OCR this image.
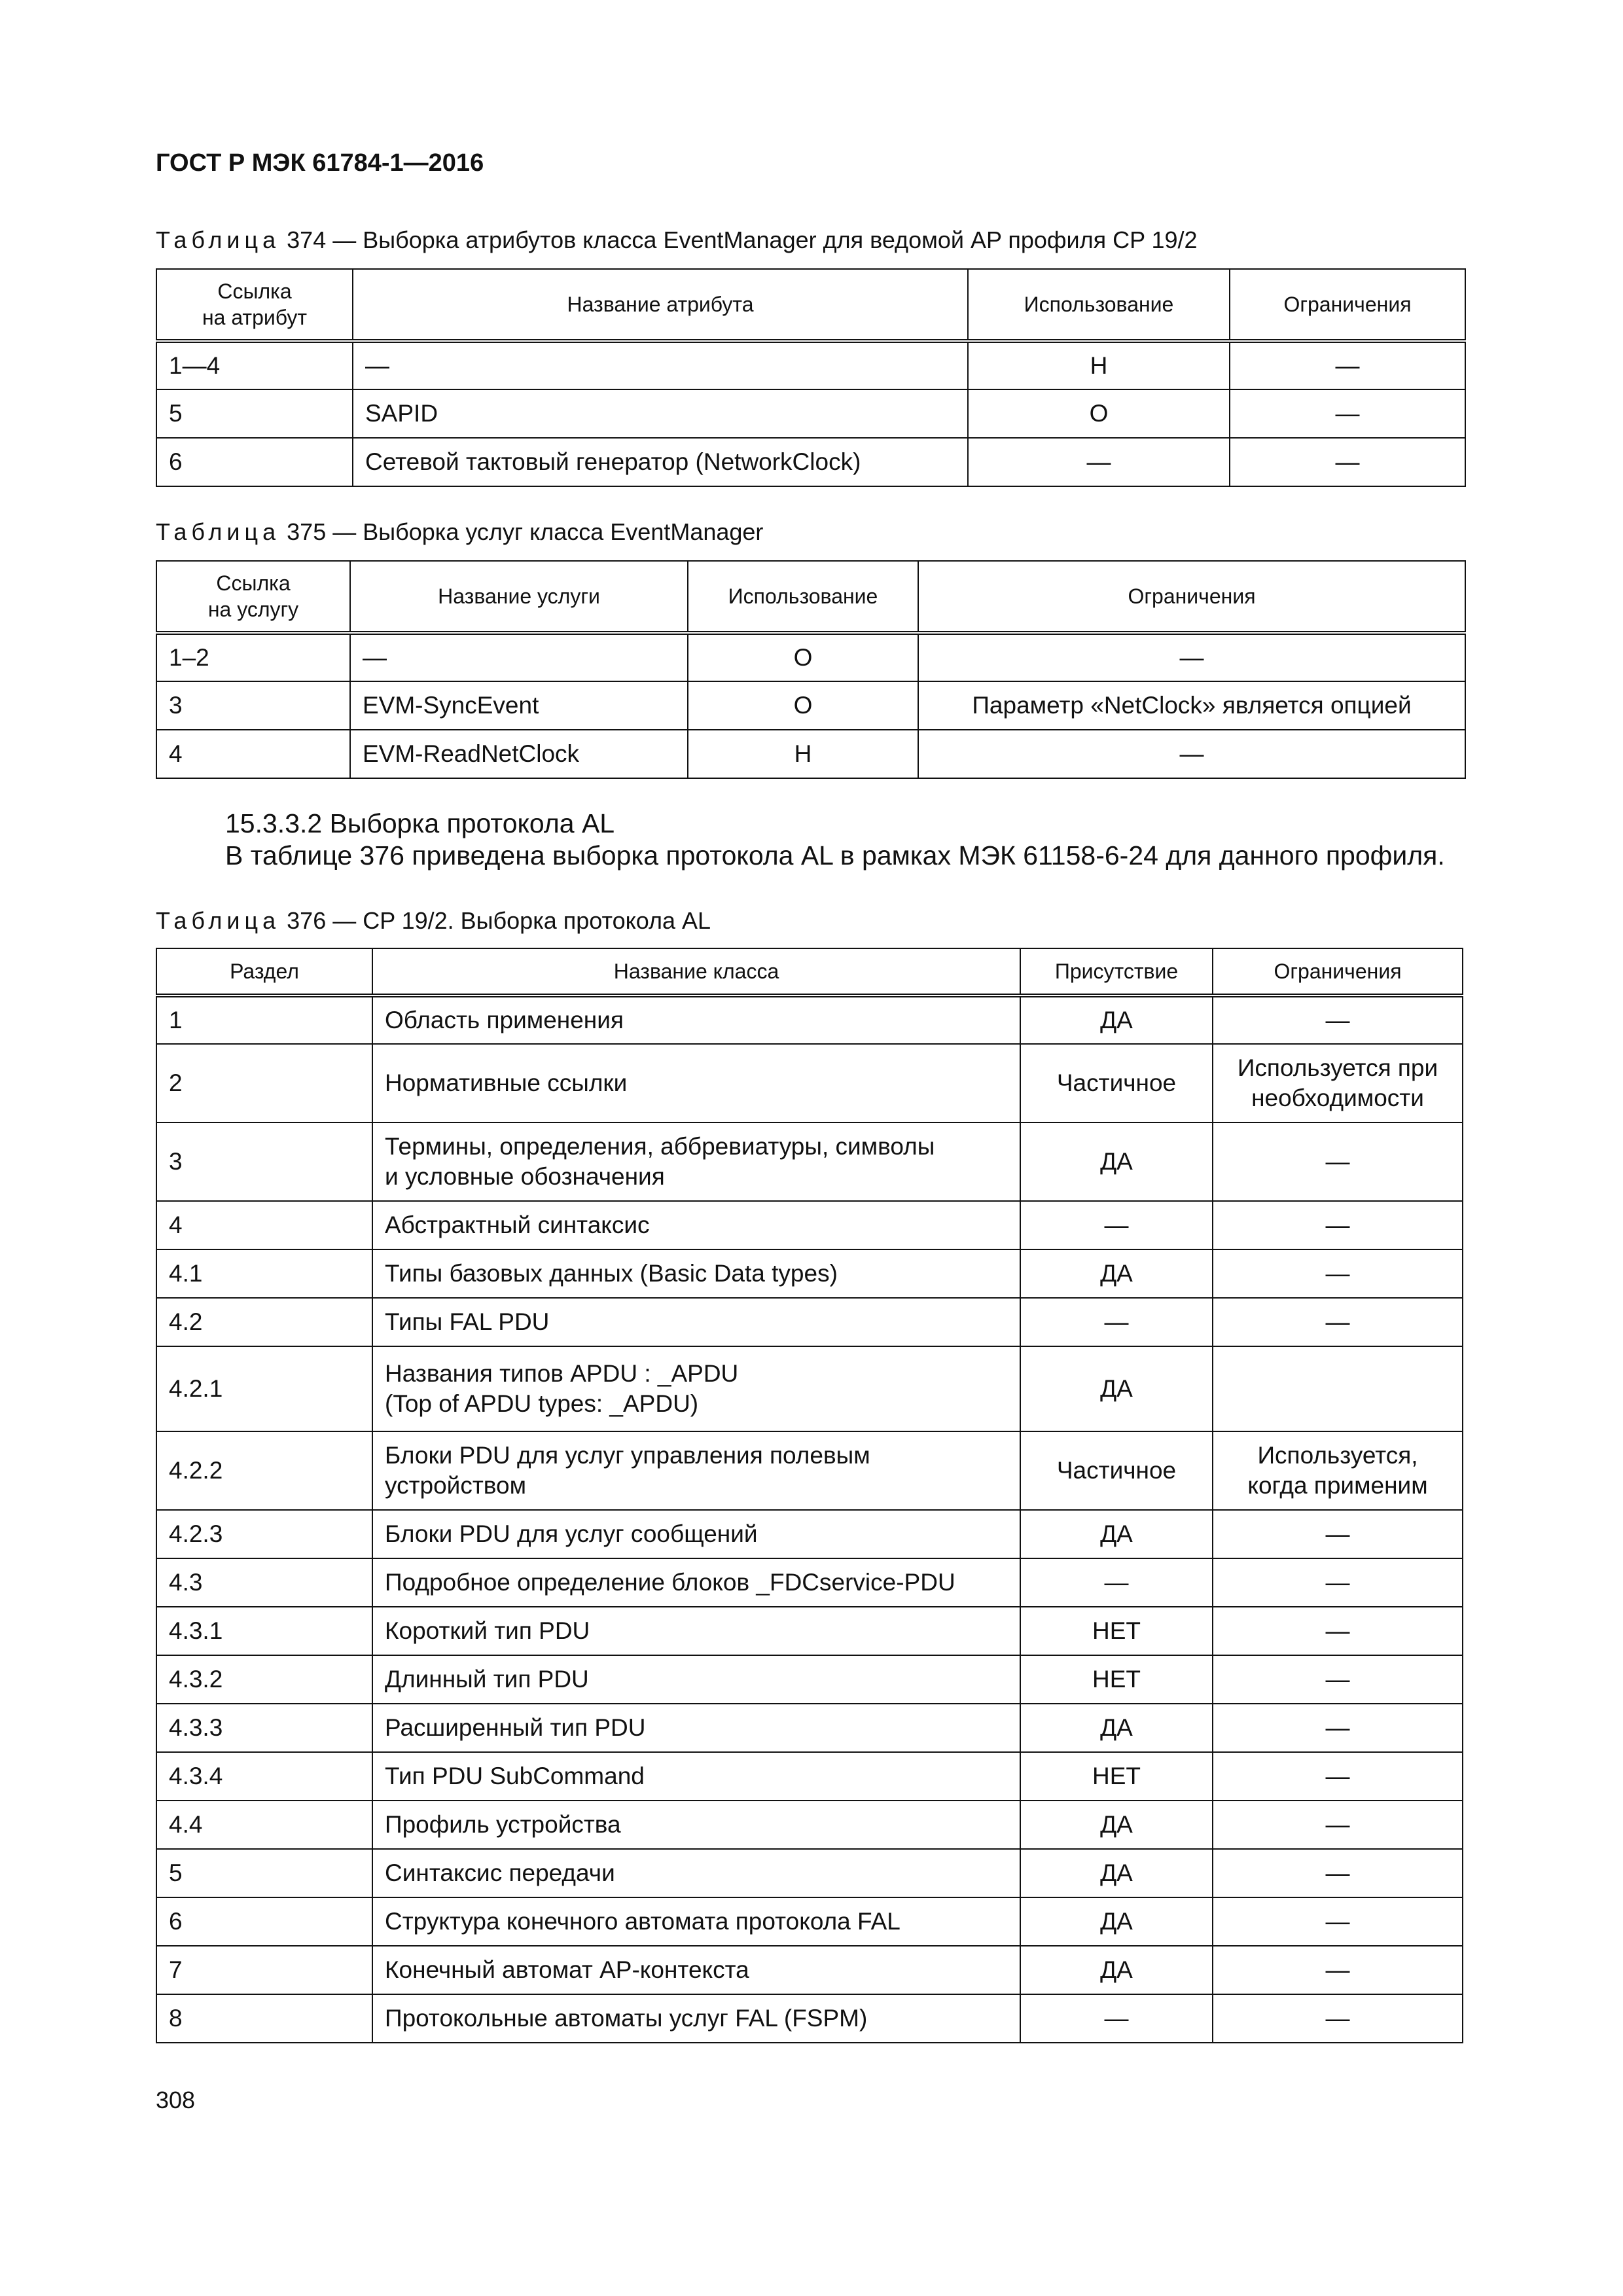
ГОСТ Р МЭК 61784-1—2016
Таблица 374 — Выборка атрибутов класса EventManager для ведомой AP профиля CP 19/2
Ссылка
на атрибут	Название атрибута	Использование	Ограничения
1—4	—	Н	—
5	SAPID	О	—
6	Сетевой тактовый генератор (NetworkClock)	—	—
Таблица 375 — Выборка услуг класса EventManager
Ссылка
на услугу	Название услуги	Использование	Ограничения
1–2	—	О	—
3	EVM-SyncEvent	О	Параметр «NetClock» является опцией
4	EVM-ReadNetClock	Н	—
15.3.3.2 Выборка протокола AL
В таблице 376 приведена выборка протокола AL в рамках МЭК 61158-6-24 для данного профиля.
Таблица 376 — CP 19/2. Выборка протокола AL
Раздел	Название класса	Присутствие	Ограничения
1	Область применения	ДА	—
2	Нормативные ссылки	Частичное	Используется при
необходимости
3	Термины, определения, аббревиатуры, символы
и условные обозначения	ДА	—
4	Абстрактный синтаксис	—	—
4.1	Типы базовых данных (Basic Data types)	ДА	—
4.2	Типы FAL PDU	—	—
4.2.1	Названия типов APDU : _APDU
(Top of APDU types: _APDU)	ДА	
4.2.2	Блоки PDU для услуг управления полевым
устройством	Частичное	Используется,
когда применим
4.2.3	Блоки PDU для услуг сообщений	ДА	—
4.3	Подробное определение блоков _FDCservice-PDU	—	—
4.3.1	Короткий тип PDU	НЕТ	—
4.3.2	Длинный тип PDU	НЕТ	—
4.3.3	Расширенный тип PDU	ДА	—
4.3.4	Тип PDU SubCommand	НЕТ	—
4.4	Профиль устройства	ДА	—
5	Синтаксис передачи	ДА	—
6	Структура конечного автомата протокола FAL	ДА	—
7	Конечный автомат AP-контекста	ДА	—
8	Протокольные автоматы услуг FAL (FSPM)	—	—
308
